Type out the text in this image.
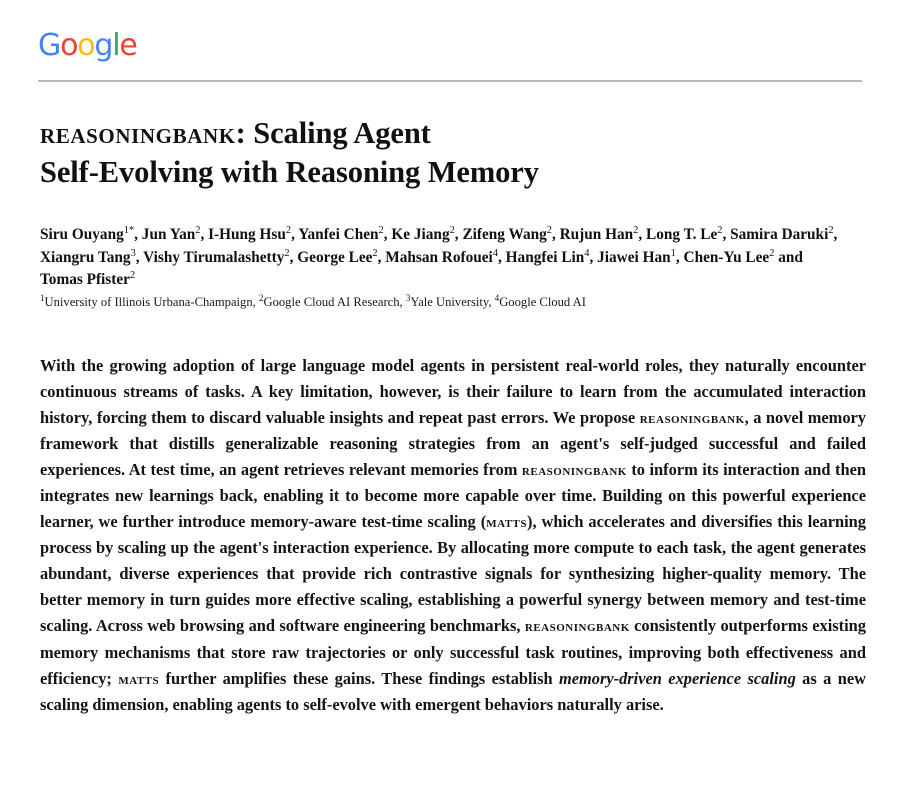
Google
reasoningbank: Scaling Agent
Self-Evolving with Reasoning Memory
Siru Ouyang$^{1*}$, Jun Yan$^2$, I-Hung Hsu$^2$, Yanfei Chen$^2$, Ke Jiang$^2$, Zifeng Wang$^2$, Rujun Han$^2$, Long T. Le$^2$, Samira Daruki$^2$, Xiangru Tang$^3$, Vishy Tirumalashetty$^2$, George Lee$^2$, Mahsan Rofouei$^4$, Hangfei Lin$^4$, Jiawei Han$^1$, Chen-Yu Lee$^2$ and Tomas Pfister$^2$
$^1$University of Illinois Urbana-Champaign, $^2$Google Cloud AI Research, $^3$Yale University, $^4$Google Cloud AI
With the growing adoption of large language model agents in persistent real-world roles, they naturally encounter continuous streams of tasks. A key limitation, however, is their failure to learn from the accumulated interaction history, forcing them to discard valuable insights and repeat past errors. We propose reasoningbank, a novel memory framework that distills generalizable reasoning strategies from an agent's self-judged successful and failed experiences. At test time, an agent retrieves relevant memories from reasoningbank to inform its interaction and then integrates new learnings back, enabling it to become more capable over time. Building on this powerful experience learner, we further introduce memory-aware test-time scaling (matts), which accelerates and diversifies this learning process by scaling up the agent's interaction experience. By allocating more compute to each task, the agent generates abundant, diverse experiences that provide rich contrastive signals for synthesizing higher-quality memory. The better memory in turn guides more effective scaling, establishing a powerful synergy between memory and test-time scaling. Across web browsing and software engineering benchmarks, reasoningbank consistently outperforms existing memory mechanisms that store raw trajectories or only successful task routines, improving both effectiveness and efficiency; matts further amplifies these gains. These findings establish memory-driven experience scaling as a new scaling dimension, enabling agents to self-evolve with emergent behaviors naturally arise.
